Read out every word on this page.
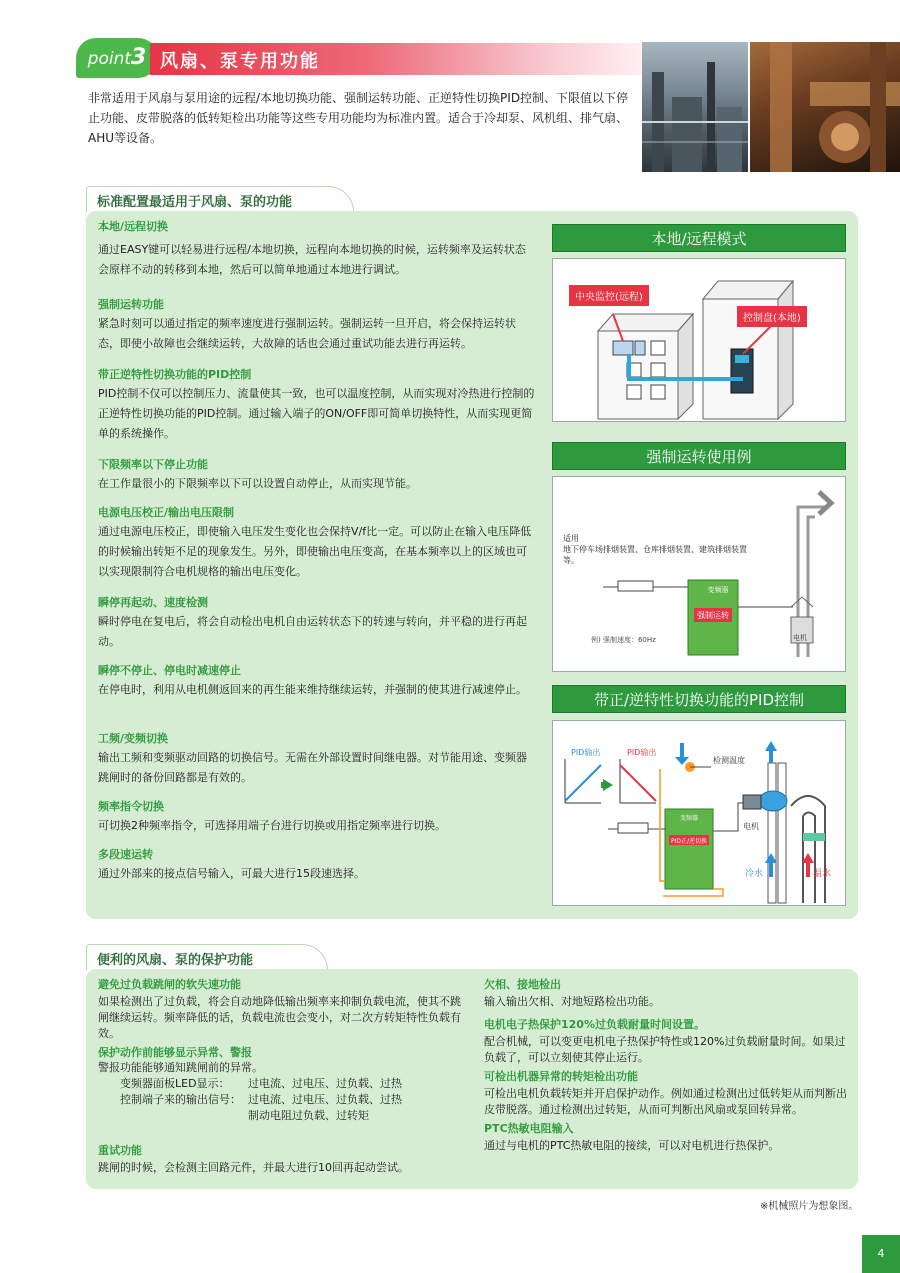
point3 风扇、泵专用功能
非常适用于风扇与泵用途的远程/本地切换功能、强制运转功能、正逆特性切换PID控制、下限值以下停止功能、皮带脱落的低转矩检出功能等这些专用功能均为标准内置。适合于冷却泵、风机组、排气扇、AHU等设备。
标准配置最适用于风扇、泵的功能
本地/远程切换
通过EASY键可以轻易进行远程/本地切换，远程向本地切换的时候，运转频率及运转状态会原样不动的转移到本地，然后可以简单地通过本地进行调试。
强制运转功能
紧急时刻可以通过指定的频率速度进行强制运转。强制运转一旦开启，将会保持运转状态，即使小故障也会继续运转，大故障的话也会通过重试功能去进行再运转。
带正逆特性切换功能的PID控制
PID控制不仅可以控制压力、流量使其一致，也可以温度控制，从而实现对冷热进行控制的正逆特性切换功能的PID控制。通过输入端子的ON/OFF即可简单切换特性，从而实现更简单的系统操作。
下限频率以下停止功能
在工作量很小的下限频率以下可以设置自动停止，从而实现节能。
电源电压校正/输出电压限制
通过电源电压校正，即使输入电压发生变化也会保持V/f比一定。可以防止在输入电压降低的时候输出转矩不足的现象发生。另外，即使输出电压变高，在基本频率以上的区域也可以实现限制符合电机规格的输出电压变化。
瞬停再起动、速度检测
瞬时停电在复电后，将会自动检出电机自由运转状态下的转速与转向，并平稳的进行再起动。
瞬停不停止、停电时减速停止
在停电时，利用从电机侧返回来的再生能来维持继续运转，并强制的使其进行减速停止。
工频/变频切换
输出工频和变频驱动回路的切换信号。无需在外部设置时间继电器。对节能用途、变频器跳闸时的备份回路都是有效的。
频率指令切换
可切换2种频率指令，可选择用端子台进行切换或用指定频率进行切换。
多段速运转
通过外部来的接点信号输入，可最大进行15段速选择。
本地/远程模式
中央监控(远程)
控制盘(本地)
强制运转使用例
适用
地下停车场排烟装置、仓库排烟装置、建筑排烟装置等。
变频器
强制运转
例) 强制速度：60Hz	电机
带正/逆特性切换功能的PID控制
PID输出	PID输出
检测温度
变频器
PID正/逆切换
电机
冷水	温水
便利的风扇、泵的保护功能
避免过负载跳闸的软失速功能
如果检测出了过负载，将会自动地降低输出频率来抑制负载电流，使其不跳闸继续运转。频率降低的话，负载电流也会变小，对二次方转矩特性负载有效。
保护动作前能够显示异常、警报
警报功能能够通知跳闸前的异常。
变频器面板LED显示：	过电流、过电压、过负载、过热
控制端子来的输出信号： 过电流、过电压、过负载、过热
制动电阻过负载、过转矩
重试功能
跳闸的时候，会检测主回路元件，并最大进行10回再起动尝试。
欠相、接地检出
输入输出欠相、对地短路检出功能。
电机电子热保护120%过负载耐量时间设置。
配合机械，可以变更电机电子热保护特性或120%过负载耐量时间。如果过负载了，可以立刻使其停止运行。
可检出机器异常的转矩检出功能
可检出电机负载转矩并开启保护动作。例如通过检测出过低转矩从而判断出皮带脱落。通过检测出过转矩，从而可判断出风扇或泵回转异常。
PTC热敏电阻输入
通过与电机的PTC热敏电阻的接续，可以对电机进行热保护。
※机械照片为想象图。
4
